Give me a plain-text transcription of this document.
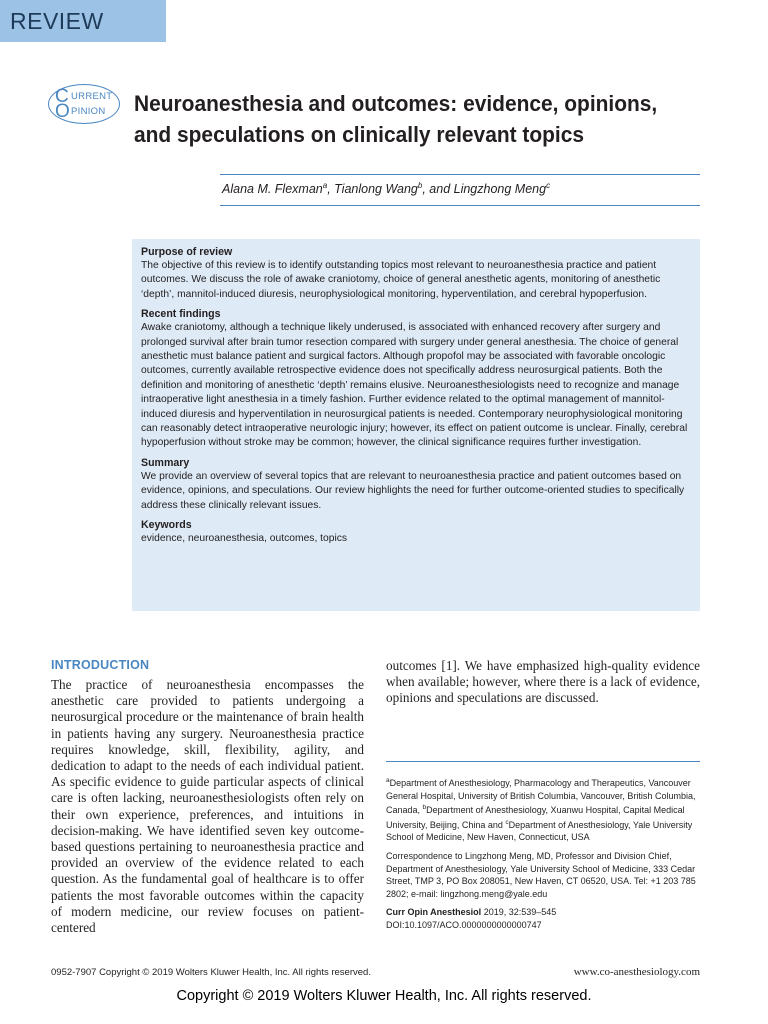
REVIEW
C URRENT
O PINION Neuroanesthesia and outcomes: evidence, opinions, and speculations on clinically relevant topics
Alana M. Flexman$^a$, Tianlong Wang$^b$, and Lingzhong Meng$^c$
Purpose of review

The objective of this review is to identify outstanding topics most relevant to neuroanesthesia practice and patient outcomes. We discuss the role of awake craniotomy, choice of general anesthetic agents, monitoring of anesthetic ‘depth’, mannitol-induced diuresis, neurophysiological monitoring, hyperventilation, and cerebral hypoperfusion.

Recent findings

Awake craniotomy, although a technique likely underused, is associated with enhanced recovery after surgery and prolonged survival after brain tumor resection compared with surgery under general anesthesia. The choice of general anesthetic must balance patient and surgical factors. Although propofol may be associated with favorable oncologic outcomes, currently available retrospective evidence does not specifically address neurosurgical patients. Both the definition and monitoring of anesthetic ‘depth’ remains elusive. Neuroanesthesiologists need to recognize and manage intraoperative light anesthesia in a timely fashion. Further evidence related to the optimal management of mannitol-induced diuresis and hyperventilation in neurosurgical patients is needed. Contemporary neurophysiological monitoring can reasonably detect intraoperative neurologic injury; however, its effect on patient outcome is unclear. Finally, cerebral hypoperfusion without stroke may be common; however, the clinical significance requires further investigation.

Summary

We provide an overview of several topics that are relevant to neuroanesthesia practice and patient outcomes based on evidence, opinions, and speculations. Our review highlights the need for further outcome-oriented studies to specifically address these clinically relevant issues.

Keywords

evidence, neuroanesthesia, outcomes, topics

INTRODUCTION

The practice of neuroanesthesia encompasses the anesthetic care provided to patients undergoing a neurosurgical procedure or the maintenance of brain health in patients having any surgery. Neuroanesthesia practice requires knowledge, skill, flexibility, agility, and dedication to adapt to the needs of each individual patient. As specific evidence to guide particular aspects of clinical care is often lacking, neuroanesthesiologists often rely on their own experience, preferences, and intuitions in decision-making. We have identified seven key outcome-based questions pertaining to neuroanesthesia practice and provided an overview of the evidence related to each question. As the fundamental goal of healthcare is to offer patients the most favorable outcomes within the capacity of modern medicine, our review focuses on patient-centered

outcomes [1]. We have emphasized high-quality evidence when available; however, where there is a lack of evidence, opinions and speculations are discussed.

$^a$Department of Anesthesiology, Pharmacology and Therapeutics, Vancouver General Hospital, University of British Columbia, Vancouver, British Columbia, Canada, $^b$Department of Anesthesiology, Xuanwu Hospital, Capital Medical University, Beijing, China and $^c$Department of Anesthesiology, Yale University School of Medicine, New Haven, Connecticut, USA

Correspondence to Lingzhong Meng, MD, Professor and Division Chief, Department of Anesthesiology, Yale University School of Medicine, 333 Cedar Street, TMP 3, PO Box 208051, New Haven, CT 06520, USA. Tel: +1 203 785 2802; e-mail: lingzhong.meng@yale.edu

Curr Opin Anesthesiol 2019, 32:539–545
DOI:10.1097/ACO.0000000000000747
0952-7907 Copyright © 2019 Wolters Kluwer Health, Inc. All rights reserved.	www.co-anesthesiology.com
Copyright © 2019 Wolters Kluwer Health, Inc. All rights reserved.
